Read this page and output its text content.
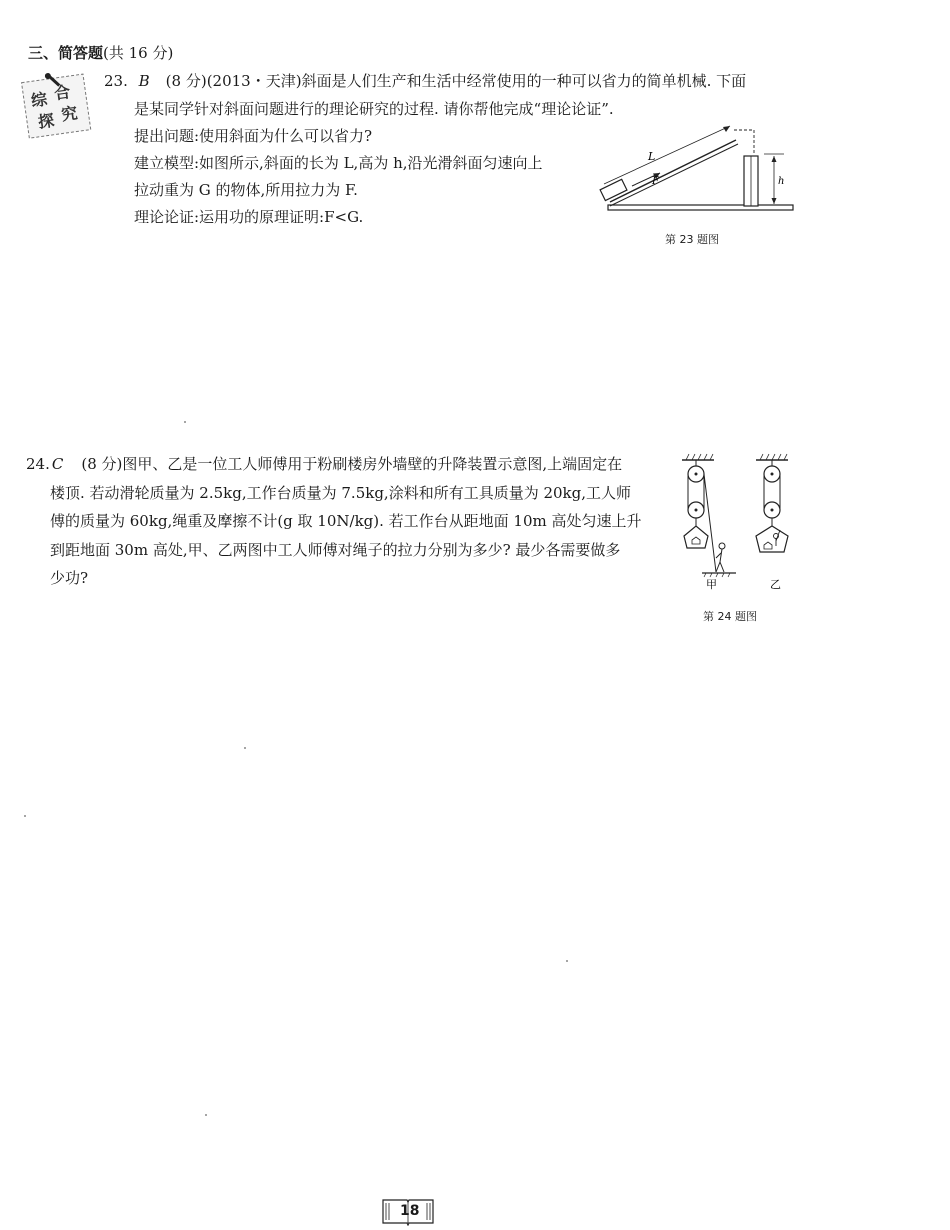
三、简答题(共 16 分)
综 合
探 究
23. B (8 分)(2013・天津)斜面是人们生产和生活中经常使用的一种可以省力的简单机械. 下面
是某同学针对斜面问题进行的理论研究的过程. 请你帮他完成“理论论证”.
提出问题:使用斜面为什么可以省力?
建立模型:如图所示,斜面的长为 L,高为 h,沿光滑斜面匀速向上
拉动重为 G 的物体,所用拉力为 F.
理论论证:运用功的原理证明:F<G.
L
F	h
第 23 题图
24. C (8 分)图甲、乙是一位工人师傅用于粉刷楼房外墙壁的升降装置示意图,上端固定在
楼顶. 若动滑轮质量为 2.5kg,工作台质量为 7.5kg,涂料和所有工具质量为 20kg,工人师
傅的质量为 60kg,绳重及摩擦不计(g 取 10N/kg). 若工作台从距地面 10m 高处匀速上升
到距地面 30m 高处,甲、乙两图中工人师傅对绳子的拉力分别为多少? 最少各需要做多
少功?	甲	乙
第 24 题图
18
